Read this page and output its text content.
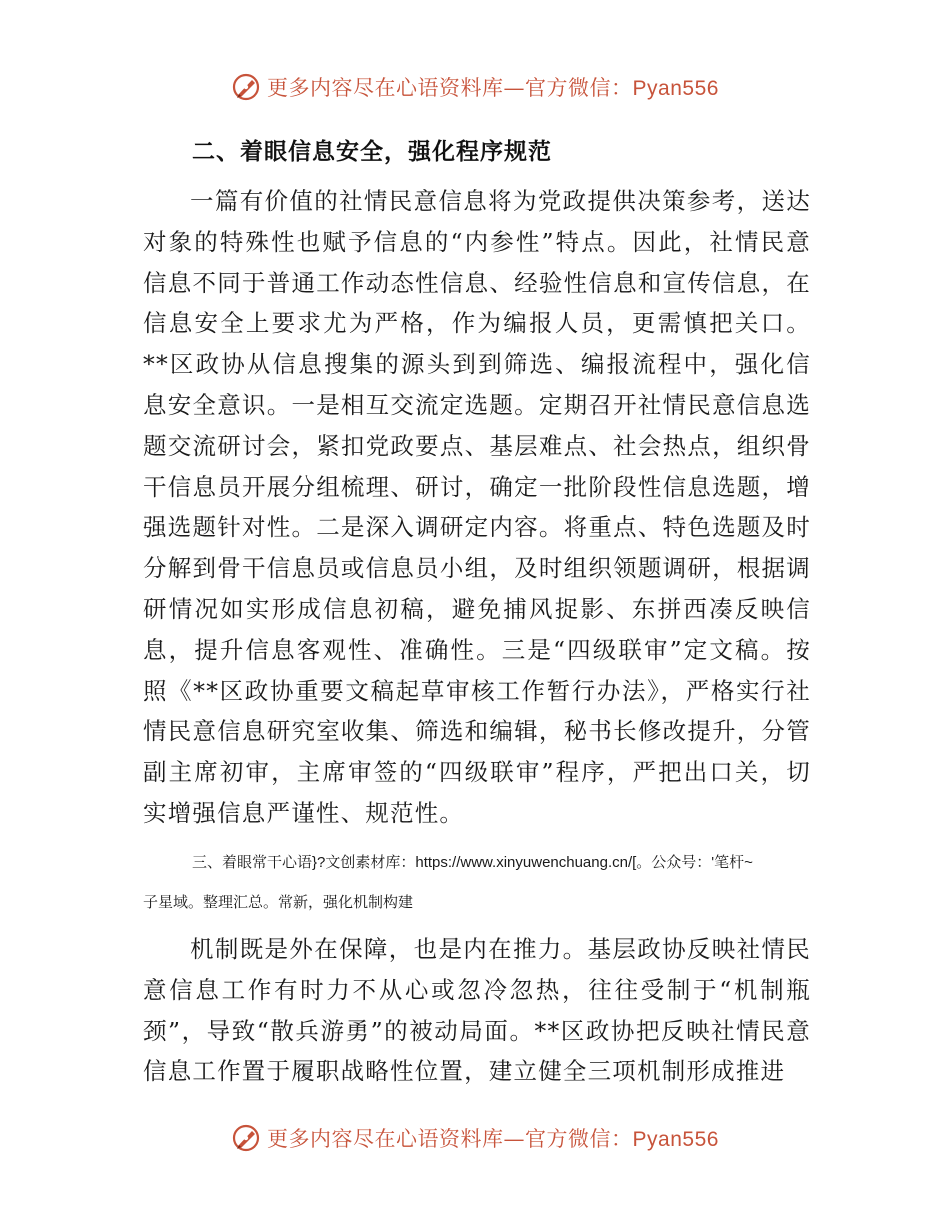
更多内容尽在心语资料库—官方微信：Pyan556
二、着眼信息安全，强化程序规范
一篇有价值的社情民意信息将为党政提供决策参考，送达对象的特殊性也赋予信息的“内参性”特点。因此，社情民意信息不同于普通工作动态性信息、经验性信息和宣传信息，在信息安全上要求尤为严格，作为编报人员，更需慎把关口。**区政协从信息搜集的源头到到筛选、编报流程中，强化信息安全意识。一是相互交流定选题。定期召开社情民意信息选题交流研讨会，紧扣党政要点、基层难点、社会热点，组织骨干信息员开展分组梳理、研讨，确定一批阶段性信息选题，增强选题针对性。二是深入调研定内容。将重点、特色选题及时分解到骨干信息员或信息员小组，及时组织领题调研，根据调研情况如实形成信息初稿，避免捕风捉影、东拼西凑反映信息，提升信息客观性、准确性。三是“四级联审”定文稿。按照《**区政协重要文稿起草审核工作暂行办法》，严格实行社情民意信息研究室收集、筛选和编辑，秘书长修改提升，分管副主席初审，主席审签的“四级联审”程序，严把出口关，切实增强信息严谨性、规范性。
三、着眼常干心语}?文创素材库：https://www.xinyuwenchuang.cn/[。公众号：'笔杆~
子星域。整理汇总。常新，强化机制构建
机制既是外在保障，也是内在推力。基层政协反映社情民意信息工作有时力不从心或忽冷忽热，往往受制于“机制瓶颈”，导致“散兵游勇”的被动局面。**区政协把反映社情民意信息工作置于履职战略性位置，建立健全三项机制形成推进
更多内容尽在心语资料库—官方微信：Pyan556
